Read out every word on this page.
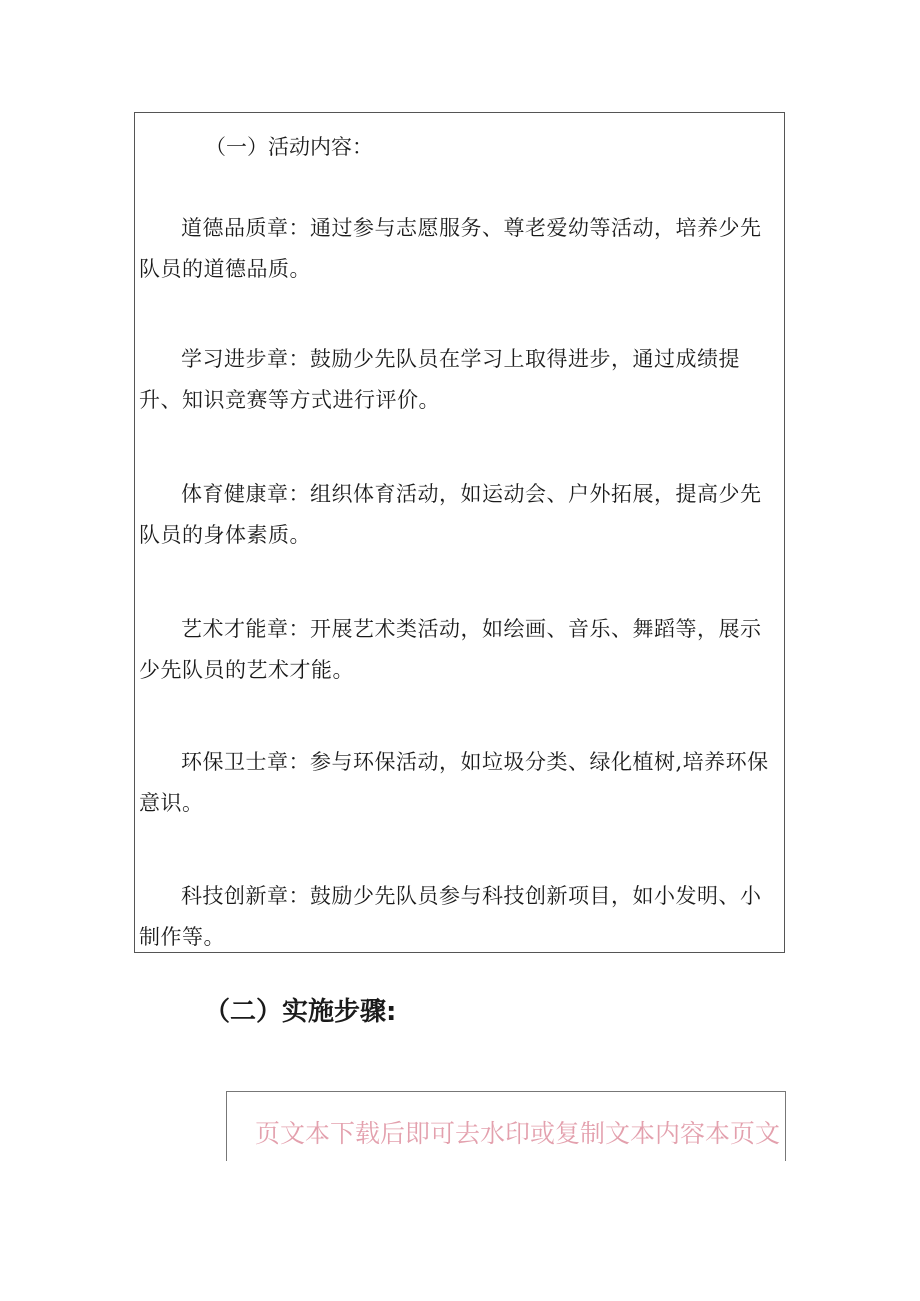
（一）活动内容：
道德品质章：通过参与志愿服务、尊老爱幼等活动，培养少先队员的道德品质。
学习进步章：鼓励少先队员在学习上取得进步，通过成绩提升、知识竞赛等方式进行评价。
体育健康章：组织体育活动，如运动会、户外拓展，提高少先队员的身体素质。
艺术才能章：开展艺术类活动，如绘画、音乐、舞蹈等，展示少先队员的艺术才能。
环保卫士章：参与环保活动，如垃圾分类、绿化植树,培养环保意识。
科技创新章：鼓励少先队员参与科技创新项目，如小发明、小制作等。
（二）实施步骤:
页文本下载后即可去水印或复制文本内容本页文
